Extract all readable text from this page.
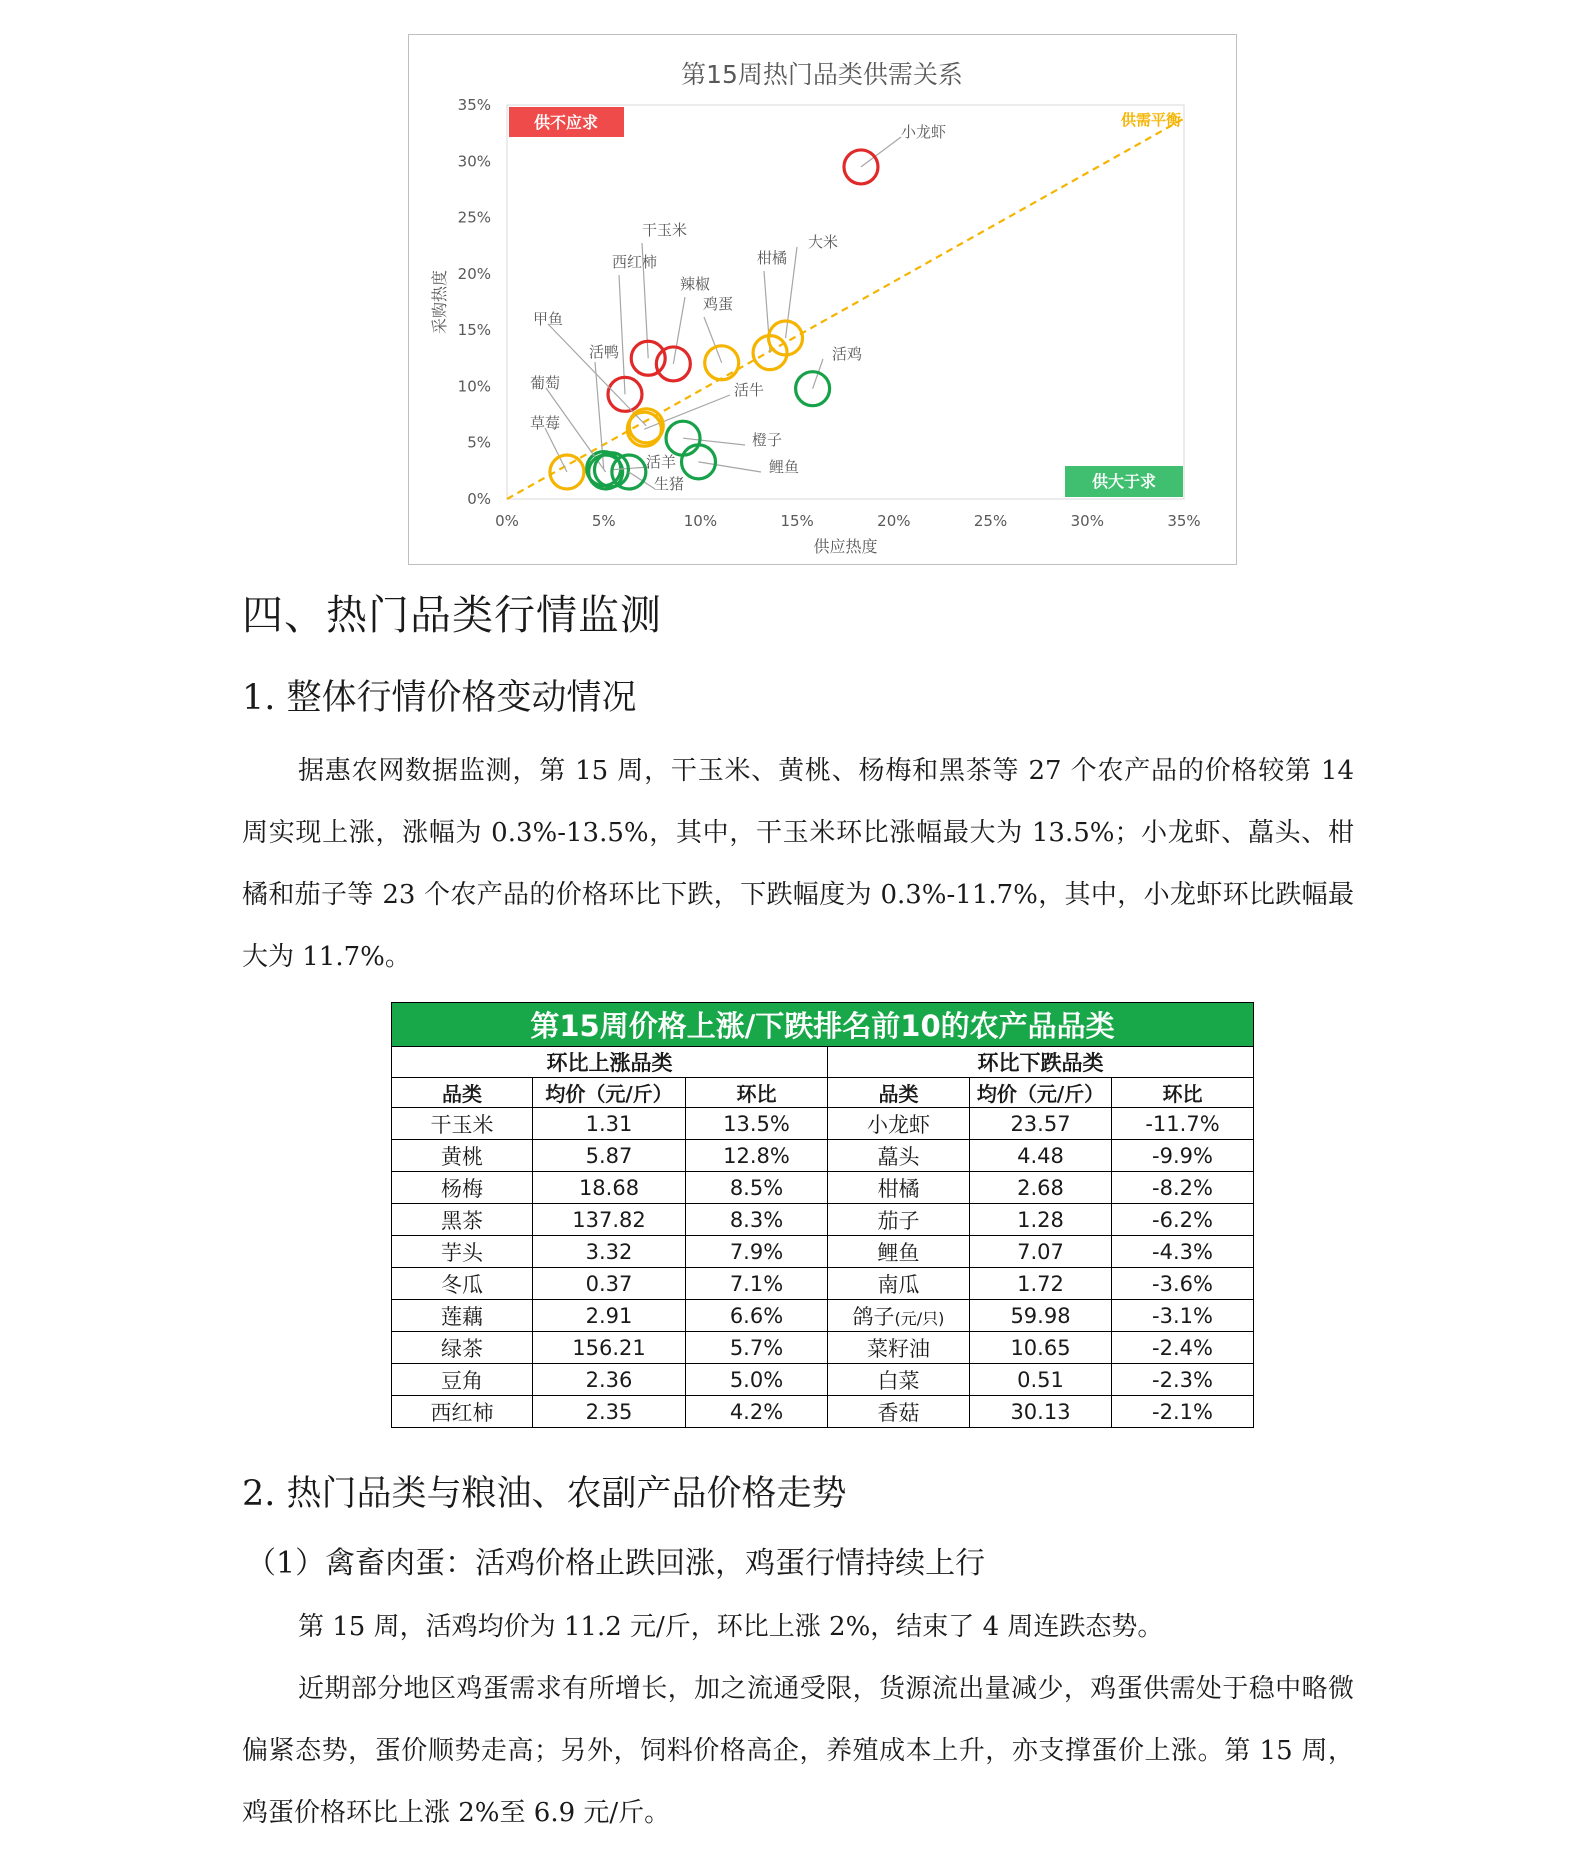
第15周热门品类供需关系
0%	5%	10%	15%	20%	25%	30%	35%
0%
5%
10%
15%
20%
25%
30%
35%
供应热度
采购热度
供需平衡
供不应求
供大于求
小龙虾
干玉米
辣椒
西红柿
鸡蛋
柑橘
大米
活牛
甲鱼
草莓
活鸡
橙子
鲤鱼
活鸭
葡萄
活羊
生猪
四、热门品类行情监测
1. 整体行情价格变动情况

据惠农网数据监测，第 15 周，干玉米、黄桃、杨梅和黑茶等 27 个农产品的价格较第 14 周实现上涨，涨幅为 0.3%-13.5%，其中，干玉米环比涨幅最大为 13.5%；小龙虾、藠头、柑橘和茄子等 23 个农产品的价格环比下跌，下跌幅度为 0.3%-11.7%，其中，小龙虾环比跌幅最大为 11.7%。

第15周价格上涨/下跌排名前10的农产品品类					
环比上涨品类			环比下跌品类		
品类	均价（元/斤）	环比	品类	均价（元/斤）	环比
干玉米	1.31	13.5%	小龙虾	23.57	-11.7%
黄桃	5.87	12.8%	藠头	4.48	-9.9%
杨梅	18.68	8.5%	柑橘	2.68	-8.2%
黑茶	137.82	8.3%	茄子	1.28	-6.2%
芋头	3.32	7.9%	鲤鱼	7.07	-4.3%
冬瓜	0.37	7.1%	南瓜	1.72	-3.6%
莲藕	2.91	6.6%	鸽子(元/只)	59.98	-3.1%
绿茶	156.21	5.7%	菜籽油	10.65	-2.4%
豆角	2.36	5.0%	白菜	0.51	-2.3%
西红柿	2.35	4.2%	香菇	30.13	-2.1%
2. 热门品类与粮油、农副产品价格走势
（1）禽畜肉蛋：活鸡价格止跌回涨，鸡蛋行情持续上行

第 15 周，活鸡均价为 11.2 元/斤，环比上涨 2%，结束了 4 周连跌态势。

近期部分地区鸡蛋需求有所增长，加之流通受限，货源流出量减少，鸡蛋供需处于稳中略微偏紧态势，蛋价顺势走高；另外，饲料价格高企，养殖成本上升，亦支撑蛋价上涨。第 15 周，鸡蛋价格环比上涨 2%至 6.9 元/斤。
